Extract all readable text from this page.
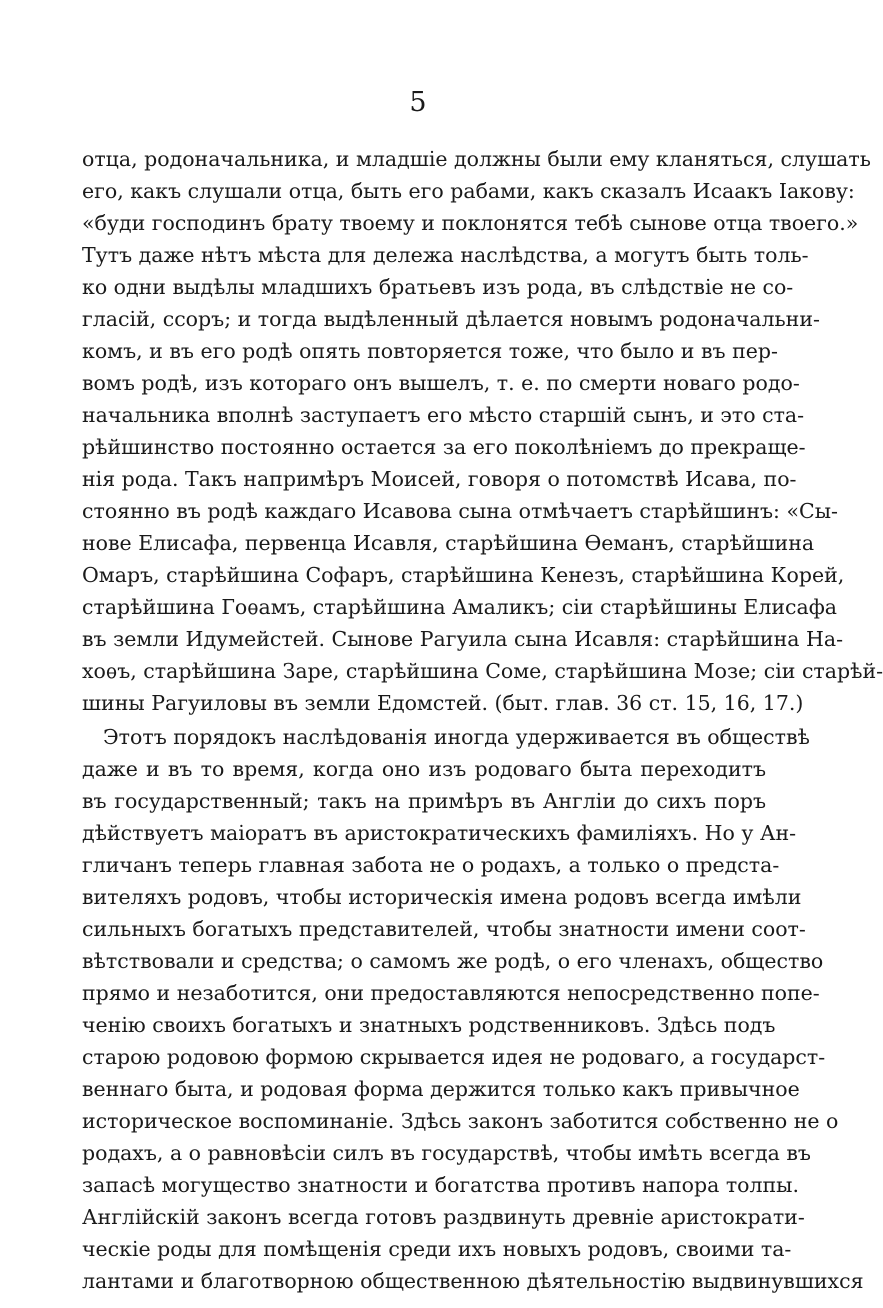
5
отца, родоначальника, и младшіе должны были ему кланяться, слушать
его, какъ слушали отца, быть его рабами, какъ сказалъ Исаакъ Іакову:
«буди господинъ брату твоему и поклонятся тебѣ сынове отца твоего.»
Тутъ даже нѣтъ мѣста для дележа наслѣдства, а могутъ быть толь-
ко одни выдѣлы младшихъ братьевъ изъ рода, въ слѣдствіе не со-
гласій, ссоръ; и тогда выдѣленный дѣлается новымъ родоначальни-
комъ, и въ его родѣ опять повторяется тоже, что было и въ пер-
вомъ родѣ, изъ котораго онъ вышелъ, т. е. по смерти новаго родо-
начальника вполнѣ заступаетъ его мѣсто старшій сынъ, и это ста-
рѣйшинство постоянно остается за его поколѣніемъ до прекраще-
нія рода. Такъ напримѣръ Моисей, говоря о потомствѣ Исава, по-
стоянно въ родѣ каждаго Исавова сына отмѣчаетъ старѣйшинъ: «Сы-
нове Елисафа, первенца Исавля, старѣйшина Ѳеманъ, старѣйшина
Омаръ, старѣйшина Софаръ, старѣйшина Кенезъ, старѣйшина Корей,
старѣйшина Гоѳамъ, старѣйшина Амаликъ; сіи старѣйшины Елисафа
въ земли Идумейстей. Сынове Рагуила сына Исавля: старѣйшина На-
хоѳъ, старѣйшина Заре, старѣйшина Соме, старѣйшина Мозе; сіи старѣй-
шины Рагуиловы въ земли Едомстей. (быт. глав. 36 ст. 15, 16, 17.)
Этотъ порядокъ наслѣдованія иногда удерживается въ обществѣ
даже и въ то время, когда оно изъ родоваго быта переходитъ
въ государственный; такъ на примѣръ въ Англіи до сихъ поръ
дѣйствуетъ маіоратъ въ аристократическихъ фамиліяхъ. Но у Ан-
гличанъ теперь главная забота не о родахъ, а только о предста-
вителяхъ родовъ, чтобы историческія имена родовъ всегда имѣли
сильныхъ богатыхъ представителей, чтобы знатности имени соот-
вѣтствовали и средства; о самомъ же родѣ, о его членахъ, общество
прямо и незаботится, они предоставляются непосредственно попе-
ченію своихъ богатыхъ и знатныхъ родственниковъ. Здѣсь подъ
старою родовою формою скрывается идея не родоваго, а государст-
веннаго быта, и родовая форма держится только какъ привычное
историческое воспоминаніе. Здѣсь законъ заботится собственно не о
родахъ, а о равновѣсіи силъ въ государствѣ, чтобы имѣть всегда въ
запасѣ могущество знатности и богатства противъ напора толпы.
Англійскій законъ всегда готовъ раздвинуть древніе аристократи-
ческіе роды для помѣщенія среди ихъ новыхъ родовъ, своими та-
лантами и благотворною общественною дѣятельностію выдвинувшихся
